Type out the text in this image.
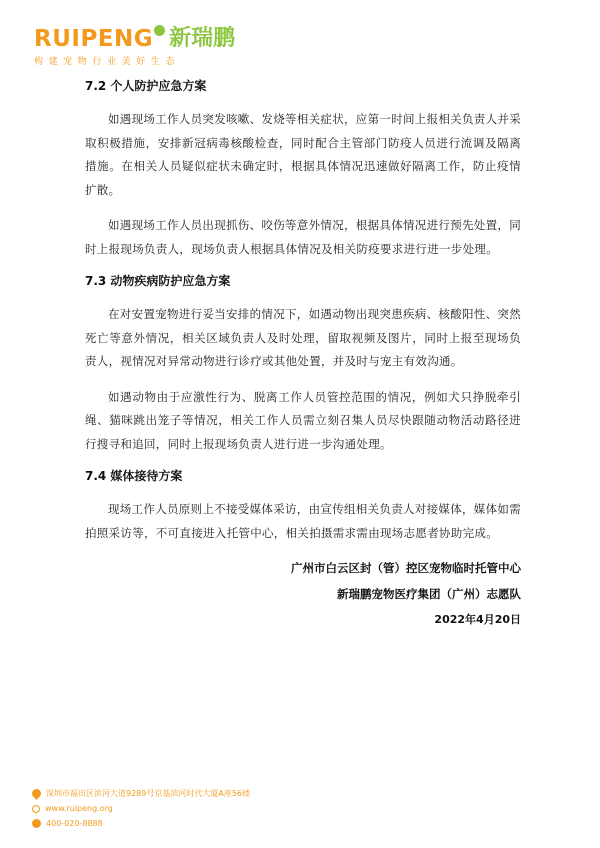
RUIPENG 新瑞鹏
构建宠物行业美好生态
7.2 个人防护应急方案

如遇现场工作人员突发咳嗽、发烧等相关症状，应第一时间上报相关负责人并采取积极措施，安排新冠病毒核酸检查，同时配合主管部门防疫人员进行流调及隔离措施。在相关人员疑似症状未确定时，根据具体情况迅速做好隔离工作，防止疫情扩散。

如遇现场工作人员出现抓伤、咬伤等意外情况，根据具体情况进行预先处置，同时上报现场负责人，现场负责人根据具体情况及相关防疫要求进行进一步处理。

7.3 动物疾病防护应急方案

在对安置宠物进行妥当安排的情况下，如遇动物出现突患疾病、核酸阳性、突然死亡等意外情况，相关区域负责人及时处理，留取视频及图片，同时上报至现场负责人，视情况对异常动物进行诊疗或其他处置，并及时与宠主有效沟通。

如遇动物由于应激性行为、脱离工作人员管控范围的情况，例如犬只挣脱牵引绳、猫咪跳出笼子等情况，相关工作人员需立刻召集人员尽快跟随动物活动路径进行搜寻和追回，同时上报现场负责人进行进一步沟通处理。

7.4 媒体接待方案

现场工作人员原则上不接受媒体采访，由宣传组相关负责人对接媒体，媒体如需拍照采访等，不可直接进入托管中心，相关拍摄需求需由现场志愿者协助完成。

广州市白云区封（管）控区宠物临时托管中心
新瑞鹏宠物医疗集团（广州）志愿队
2022年4月20日
深圳市福田区滨河大道9289号京基滨河时代大厦A座56楼
www.ruipeng.org
400-020-8888
